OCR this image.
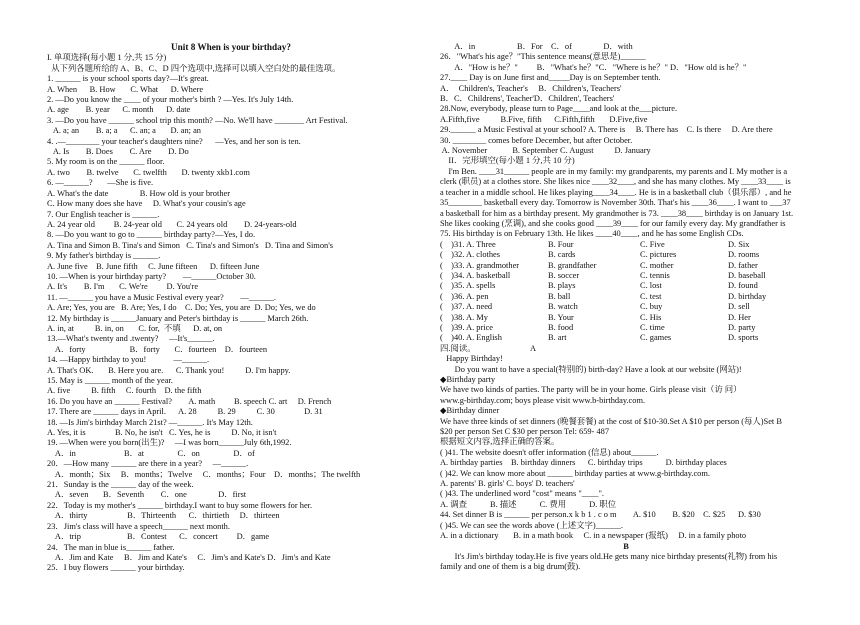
Unit 8 When is your birthday?
I. 单项选择(每小题 1 分,共 15 分)
从下列各题所给的 A、B、C、D 四个选项中,选择可以填入空白处的最佳选项。
1. ______ is your school sports day?—It's great.
A. When      B. How       C. What      D. Where
2. —Do you know the ____ of your mother's birth ? —Yes. It's July 14th.
A. age        B. year      C. month      D. date
3. —Do you have ______ school trip this month? —No. We'll have _______ Art Festival.
A. a; an        B. a; a      C. an; a       D. an; an
4. .—________ your teacher's daughters nine?      —Yes, and her son is ten.
A. Is        B. Does        C. Are        D. Do
5. My room is on the ______ floor.
A. two        B. twelve       C. twelfth       D. twenty xkb1.com
6. —______?       —She is five.
A. What's the date               B. How old is your brother
C. How many does she have     D. What's your cousin's age
7. Our English teacher is ______.
A. 24 year old         B. 24-year old       C. 24 years old        D. 24-years-old
8. —Do you want to go to ______ birthday party?—Yes, I do.
A. Tina and Simon B. Tina's and Simon   C. Tina's and Simon's   D. Tina and Simon's
9. My father's birthday is ______.
A. June five    B. June fifth     C. June fifteen      D. fifteen June
10. —When is your birthday party?        —______October 30.
A. It's        B. I'm       C. We're         D. You're
11. —______ you have a Music Festival every year?        —______.
A. Are; Yes, you are   B. Are; Yes, I do    C. Do; Yes, you are  D. Do; Yes, we do
12. My birthday is ______January and Peter's birthday is ______ March 26th.
A. in, at          B. in, on       C. for,  不填      D. at, on
13.—What's twenty and .twenty?     —It's______.
A．forty                     B．forty       C．fourteen    D．fourteen
14. —Happy birthday to you!             —______.
A. That's OK.       B. Here you are.      C. Thank you!          D. I'm happy.
15. May is ______ month of the year.
A. five          B. fifth     C. fourth    D. the fifth
16. Do you have an ______ Festival?        A. math         B. speech C. art     D. French
17. There are ______ days in April.      A. 28          B. 29          C. 30              D. 31
18. —Is Jim's birthday March 21st? —______. It's May 12th.
A. Yes, it is              B. No, he isn't   C. Yes, he is          D. No, it isn't
19. —When were you born(出生)?     —I was born______July 6th,1992.
A．in                       B．at                C．on                D．of
20．—How many ______ are there in a year?     —______.
A．month；Six     B．months；Twelve     C．months；Four    D．months；The twelfth
21．Sunday is the ______ day of the week.
A．seven       B．Seventh        C．one               D．first
22．Today is my mother's ______ birthday.I want to buy some flowers for her.
A．thirty                   B．Thirteenth      C．thirtieth     D．thirteen
23．Jim's class will have a speech______ next month.
A．trip                      B．Contest      C．concert         D．game
24．The man in blue is______ father.
A．Jim and Kate     B．Jim and Kate's     C．Jim's and Kate's D．Jim's and Kate
25．I buy flowers ______ your birthday.
A．in                    B．For    C．of               D．with
26．"What's his age？"This sentence means(意思是)______
A．"How is he？"         B．"What's he？"C．"Where is he？" D．"How old is he？"
27.____ Day is on June first and_____Day is on September tenth.
A．  Children's, Teacher's     B．Children's, Teachers'
B．C．Childrens', Teacher'D．Children', Teachers'
28.Now, everybody, please turn to Page____and look at the___picture.
A.Fifth,five          B.Five, fifth      C.Fifth,fifth       D.Five,five
29.______ a Music Festival at your school? A. There is     B. There has    C. Is there     D. Are there
30. ________ comes before December, but after October.
A. November            B. September C. August          D. January
II．完形填空(每小题 1 分,共 10 分)
I'm Ben. ____31______ people are in my family: my grandparents, my parents and I. My mother is a
clerk (职员) at a clothes store. She likes nice ____32____, and she has many clothes. My ____33____ is
a teacher in a middle school. He likes playing____34____. He is in a basketball club（俱乐部）, and he
35________ basketball every day. Tomorrow is November 30th. That's his ____36____. I want to ___37
a basketball for him as a birthday present. My grandmother is 73. ____38____ birthday is on January 1st.
She likes cooking (烹调), and she cooks good ____39____ for our family every day. My grandfather is
75. His birthday is on February 13th. He likes ____40____, and he has some English CDs.
(    )31. A. Three	B. Four	C. Five	D. Six
(    )32. A. clothes	B. cards	C. pictures	D. rooms
(    )33. A. grandmother	B. grandfather	C. mother	D. father
(    )34. A. basketball	B. soccer	C. tennis	D. baseball
(    )35. A. spells	B. plays	C. lost	D. found
(    )36. A. pen	B. ball	C. test	D. birthday
(    )37. A. need	B. watch	C. buy	D. sell
(    )38. A. My	B. Your	C. His	D. Her
(    )39. A. price	B. food	C. time	D. party
(    )40. A. English	B. art	C. games	D. sports
四.阅读。                          A
Happy Birthday!
Do you want to have a special(特别的) birth-day? Have a look at our website (网站)!
◆Birthday party
We have two kinds of parties. The party will be in your home. Girls please visit（访 问）
www.g-birthday.com; boys please visit www.b-birthday.com.
◆Birthday dinner
We have three kinds of set dinners (晚餐套餐) at the cost of $10-30.Set A $10 per person (每人)Set B
$20 per person Set C $30 per person Tel: 659- 487
根据短文内容,选择正确的答案。
( )41. The website doesn't offer information (信息) about______.
A. birthday parties    B. birthday dinners      C. birthday trips           D. birthday places
( )42. We can know more about ______ birthday parties at www.g-birthday.com.
A. parents' B. girls' C. boys' D. teachers'
( )43. The underlined word "cost" means "____".
A. 调查           B. 描述           C. 费用           D. 职位
44. Set dinner B is ______ per person.x k b 1 . c o m        A. $10        B. $20    C. $25      D. $30
( )45. We can see the words above (上述文字)______.
A. in a dictionary       B. in a math book     C. in a newspaper (报纸)     D. in a family photo
B
It's Jim's birthday today.He is five years old.He gets many nice birthday presents(礼物) from his
family and one of them is a big drum(鼓).
